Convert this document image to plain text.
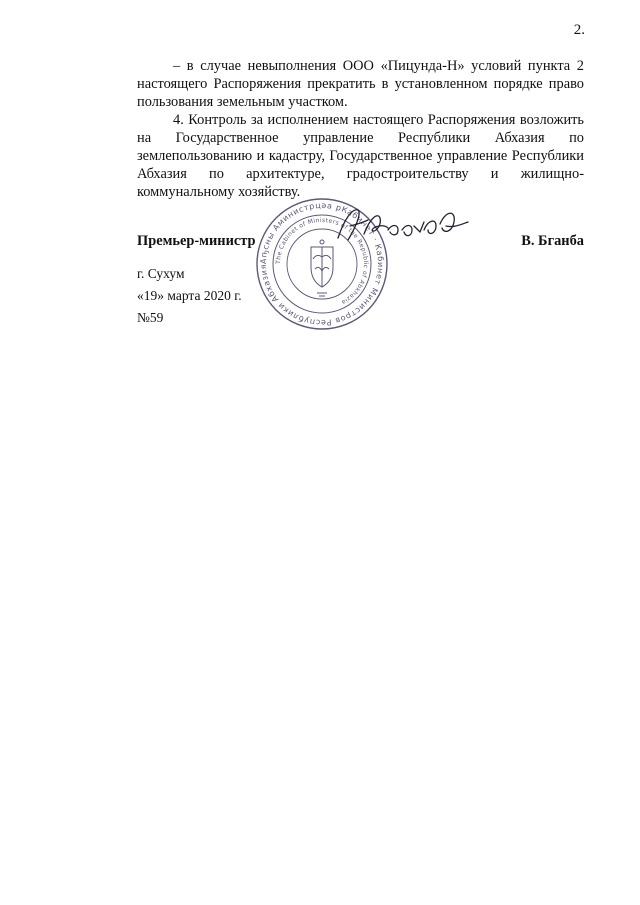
2.

– в случае невыполнения ООО «Пицунда-Н» условий пункта 2 настоящего Распоряжения прекратить в установленном порядке право пользования земельным участком.

4. Контроль за исполнением настоящего Распоряжения возложить на Государственное управление Республики Абхазия по землепользованию и кадастру, Государственное управление Республики Абхазия по архитектуре, градостроительству и жилищно-коммунальному хозяйству.

Премьер-министр	В. Бганба
Аҧсны Аминистрцәа рКабинет · Кабинет Министров Республики Абхазия
The Cabinet of Ministers of the Republic of Abkhazia
г. Сухум
«19» марта 2020 г.
№59
